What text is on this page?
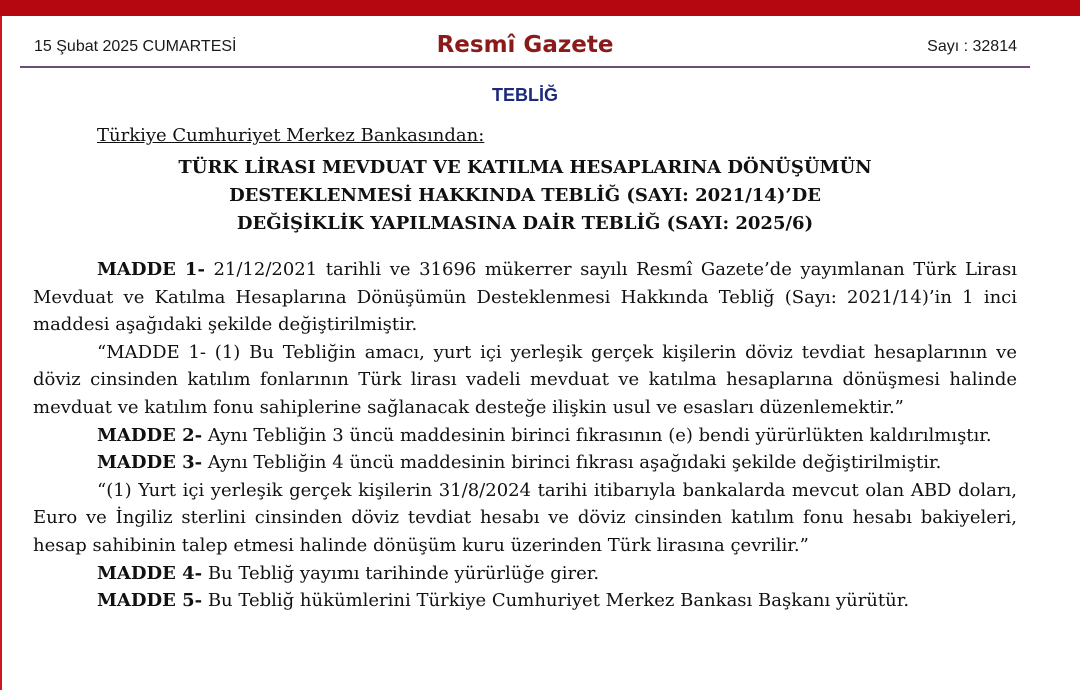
15 Şubat 2025 CUMARTESİ	Resmî Gazete	Sayı : 32814
TEBLİĞ
Türkiye Cumhuriyet Merkez Bankasından:
TÜRK LİRASI MEVDUAT VE KATILMA HESAPLARINA DÖNÜŞÜMÜN
DESTEKLENMESİ HAKKINDA TEBLİĞ (SAYI: 2021/14)’DE
DEĞİŞİKLİK YAPILMASINA DAİR TEBLİĞ (SAYI: 2025/6)

MADDE 1- 21/12/2021 tarihli ve 31696 mükerrer sayılı Resmî Gazete’de yayımlanan Türk Lirası Mevduat ve Katılma Hesaplarına Dönüşümün Desteklenmesi Hakkında Tebliğ (Sayı: 2021/14)’in 1 inci maddesi aşağıdaki şekilde değiştirilmiştir.

“MADDE 1- (1) Bu Tebliğin amacı, yurt içi yerleşik gerçek kişilerin döviz tevdiat hesaplarının ve döviz cinsinden katılım fonlarının Türk lirası vadeli mevduat ve katılma hesaplarına dönüşmesi halinde mevduat ve katılım fonu sahiplerine sağlanacak desteğe ilişkin usul ve esasları düzenlemektir.”

MADDE 2- Aynı Tebliğin 3 üncü maddesinin birinci fıkrasının (e) bendi yürürlükten kaldırılmıştır.

MADDE 3- Aynı Tebliğin 4 üncü maddesinin birinci fıkrası aşağıdaki şekilde değiştirilmiştir.

“(1) Yurt içi yerleşik gerçek kişilerin 31/8/2024 tarihi itibarıyla bankalarda mevcut olan ABD doları, Euro ve İngiliz sterlini cinsinden döviz tevdiat hesabı ve döviz cinsinden katılım fonu hesabı bakiyeleri, hesap sahibinin talep etmesi halinde dönüşüm kuru üzerinden Türk lirasına çevrilir.”

MADDE 4- Bu Tebliğ yayımı tarihinde yürürlüğe girer.

MADDE 5- Bu Tebliğ hükümlerini Türkiye Cumhuriyet Merkez Bankası Başkanı yürütür.
